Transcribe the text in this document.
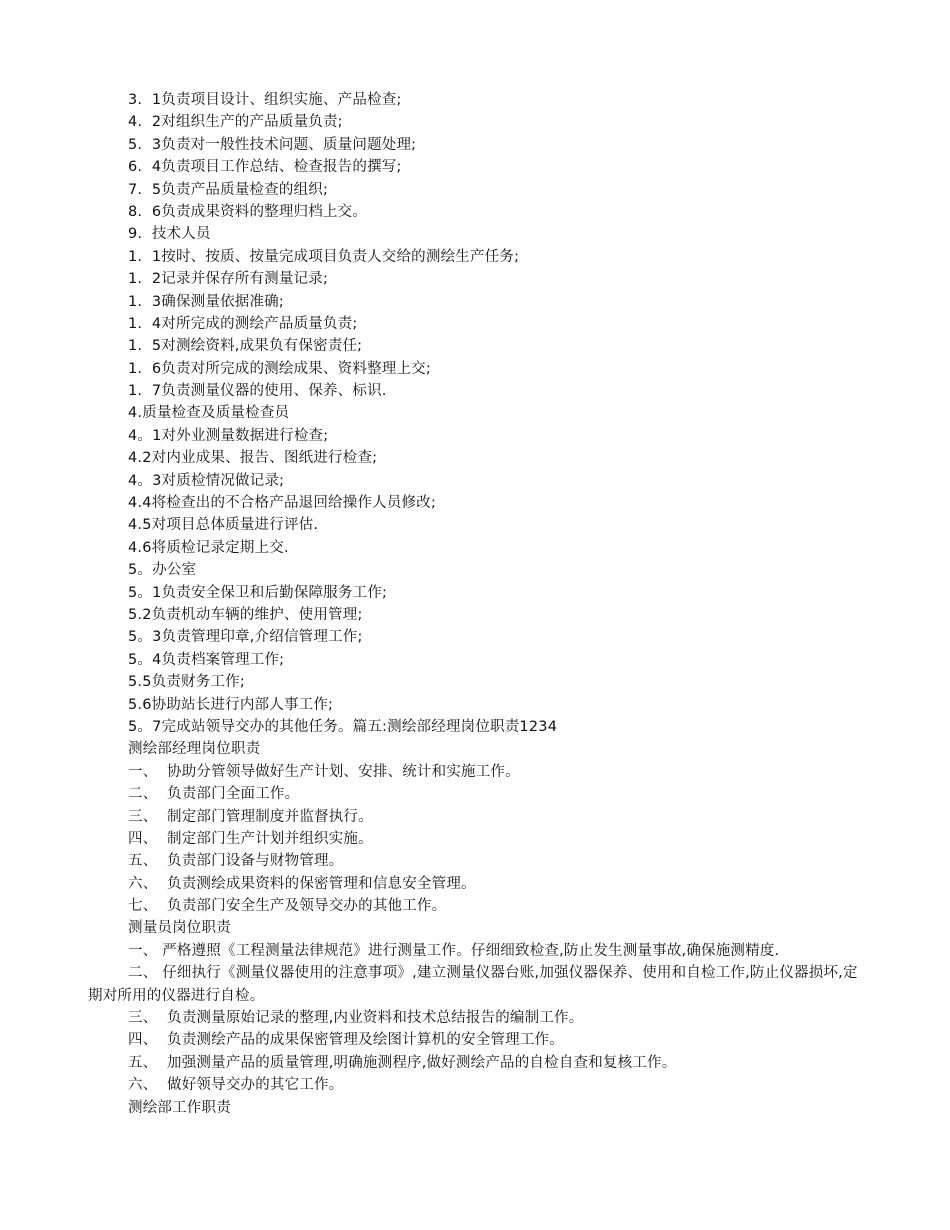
3.  1负责项目设计、组织实施、产品检查;
4.  2对组织生产的产品质量负责;
5.  3负责对一般性技术问题、质量问题处理;
6.  4负责项目工作总结、检查报告的撰写;
7.  5负责产品质量检查的组织;
8.  6负责成果资料的整理归档上交。
9.  技术人员
1.  1按时、按质、按量完成项目负责人交给的测绘生产任务;
1.  2记录并保存所有测量记录;
1.  3确保测量依据准确;
1.  4对所完成的测绘产品质量负责;
1.  5对测绘资料,成果负有保密责任;
1.  6负责对所完成的测绘成果、资料整理上交;
1.  7负责测量仪器的使用、保养、标识.
4.质量检查及质量检查员
4。1对外业测量数据进行检查;
4.2对内业成果、报告、图纸进行检查;
4。3对质检情况做记录;
4.4将检查出的不合格产品退回给操作人员修改;
4.5对项目总体质量进行评估.
4.6将质检记录定期上交.
5。办公室
5。1负责安全保卫和后勤保障服务工作;
5.2负责机动车辆的维护、使用管理;
5。3负责管理印章,介绍信管理工作;
5。4负责档案管理工作;
5.5负责财务工作;
5.6协助站长进行内部人事工作;
5。7完成站领导交办的其他任务。篇五:测绘部经理岗位职责1234
测绘部经理岗位职责
一、  协助分管领导做好生产计划、安排、统计和实施工作。
二、  负责部门全面工作。
三、  制定部门管理制度并监督执行。
四、  制定部门生产计划并组织实施。
五、  负责部门设备与财物管理。
六、  负责测绘成果资料的保密管理和信息安全管理。
七、  负责部门安全生产及领导交办的其他工作。
测量员岗位职责
一、 严格遵照《工程测量法律规范》进行测量工作。仔细细致检查,防止发生测量事故,确保施测精度.
二、 仔细执行《测量仪器使用的注意事项》,建立测量仪器台账,加强仪器保养、使用和自检工作,防止仪器损坏,定期对所用的仪器进行自检。
三、  负责测量原始记录的整理,内业资料和技术总结报告的编制工作。
四、  负责测绘产品的成果保密管理及绘图计算机的安全管理工作。
五、  加强测量产品的质量管理,明确施测程序,做好测绘产品的自检自查和复核工作。
六、  做好领导交办的其它工作。
测绘部工作职责
